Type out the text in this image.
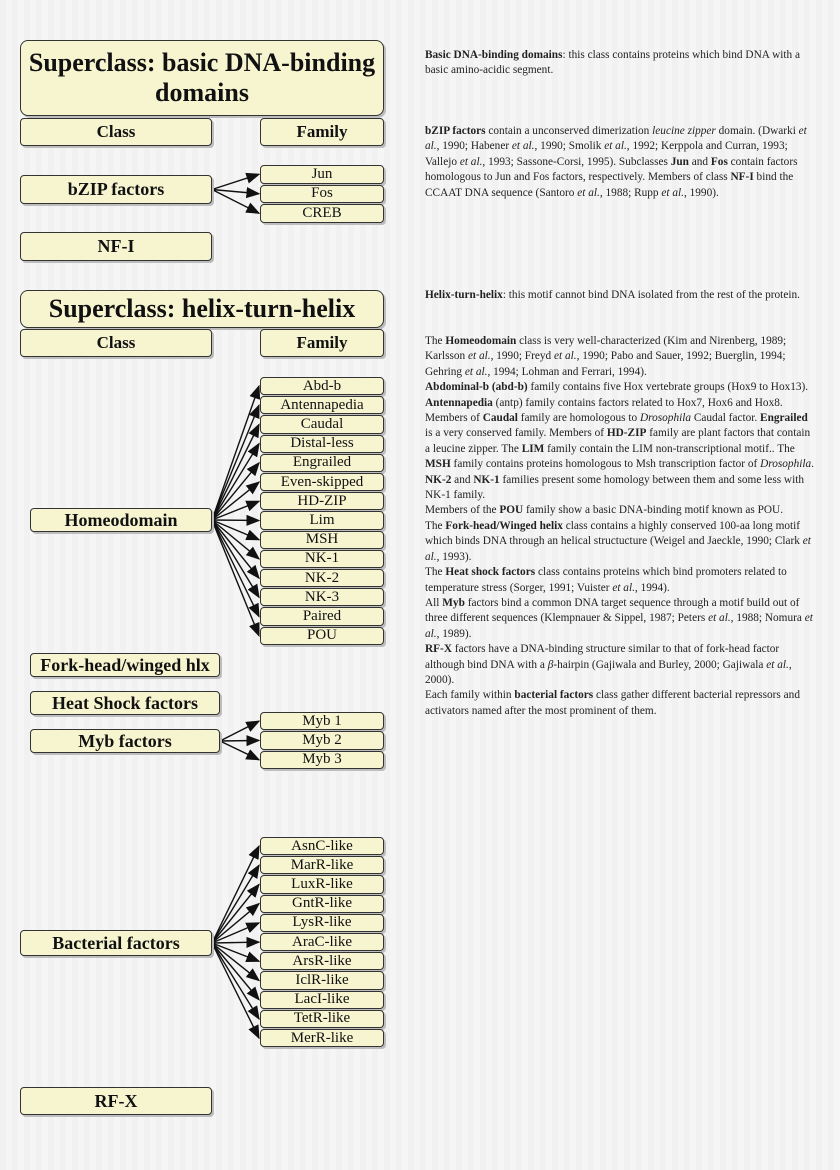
Superclass: basic DNA-binding domains
Class	Family
bZIP factors
Jun
Fos
CREB
NF-I
Superclass: helix-turn-helix
Class	Family
Homeodomain
Abd-b
Antennapedia
Caudal
Distal-less
Engrailed
Even-skipped
HD-ZIP
Lim
MSH
NK-1
NK-2
NK-3
Paired
POU
Fork-head/winged hlx
Heat Shock factors
Myb factors
Myb 1
Myb 2
Myb 3
Bacterial factors
AsnC-like
MarR-like
LuxR-like
GntR-like
LysR-like
AraC-like
ArsR-like
IclR-like
LacI-like
TetR-like
MerR-like
RF-X

Basic DNA-binding domains: this class contains proteins which bind DNA with a basic amino-acidic segment.

bZIP factors contain a unconserved dimerization leucine zipper domain. (Dwarki et al., 1990; Habener et al., 1990; Smolik et al., 1992; Kerppola and Curran, 1993; Vallejo et al., 1993; Sassone-Corsi, 1995). Subclasses Jun and Fos contain factors homologous to Jun and Fos factors, respectively. Members of class NF-I bind the CCAAT DNA sequence (Santoro et al., 1988; Rupp et al., 1990).

Helix-turn-helix: this motif cannot bind DNA isolated from the rest of the protein.

The Homeodomain class is very well-characterized (Kim and Nirenberg, 1989; Karlsson et al., 1990; Freyd et al., 1990; Pabo and Sauer, 1992; Buerglin, 1994; Gehring et al., 1994; Lohman and Ferrari, 1994).
Abdominal-b (abd-b) family contains five Hox vertebrate groups (Hox9 to Hox13). Antennapedia (antp) family contains factors related to Hox7, Hox6 and Hox8. Members of Caudal family are homologous to Drosophila Caudal factor. Engrailed is a very conserved family. Members of HD-ZIP family are plant factors that contain a leucine zipper. The LIM family contain the LIM non-transcriptional motif.. The MSH family contains proteins homologous to Msh transcription factor of Drosophila. NK-2 and NK-1 families present some homology between them and some less with NK-1 family.
Members of the POU family show a basic DNA-binding motif known as POU.
The Fork-head/Winged helix class contains a highly conserved 100-aa long motif which binds DNA through an helical structucture (Weigel and Jaeckle, 1990; Clark et al., 1993).
The Heat shock factors class contains proteins which bind promoters related to temperature stress (Sorger, 1991; Vuister et al., 1994).
All Myb factors bind a common DNA target sequence through a motif build out of three different sequences (Klempnauer & Sippel, 1987; Peters et al., 1988; Nomura et al., 1989).
RF-X factors have a DNA-binding structure similar to that of fork-head factor although bind DNA with a β-hairpin (Gajiwala and Burley, 2000; Gajiwala et al., 2000).
Each family within bacterial factors class gather different bacterial repressors and activators named after the most prominent of them.
